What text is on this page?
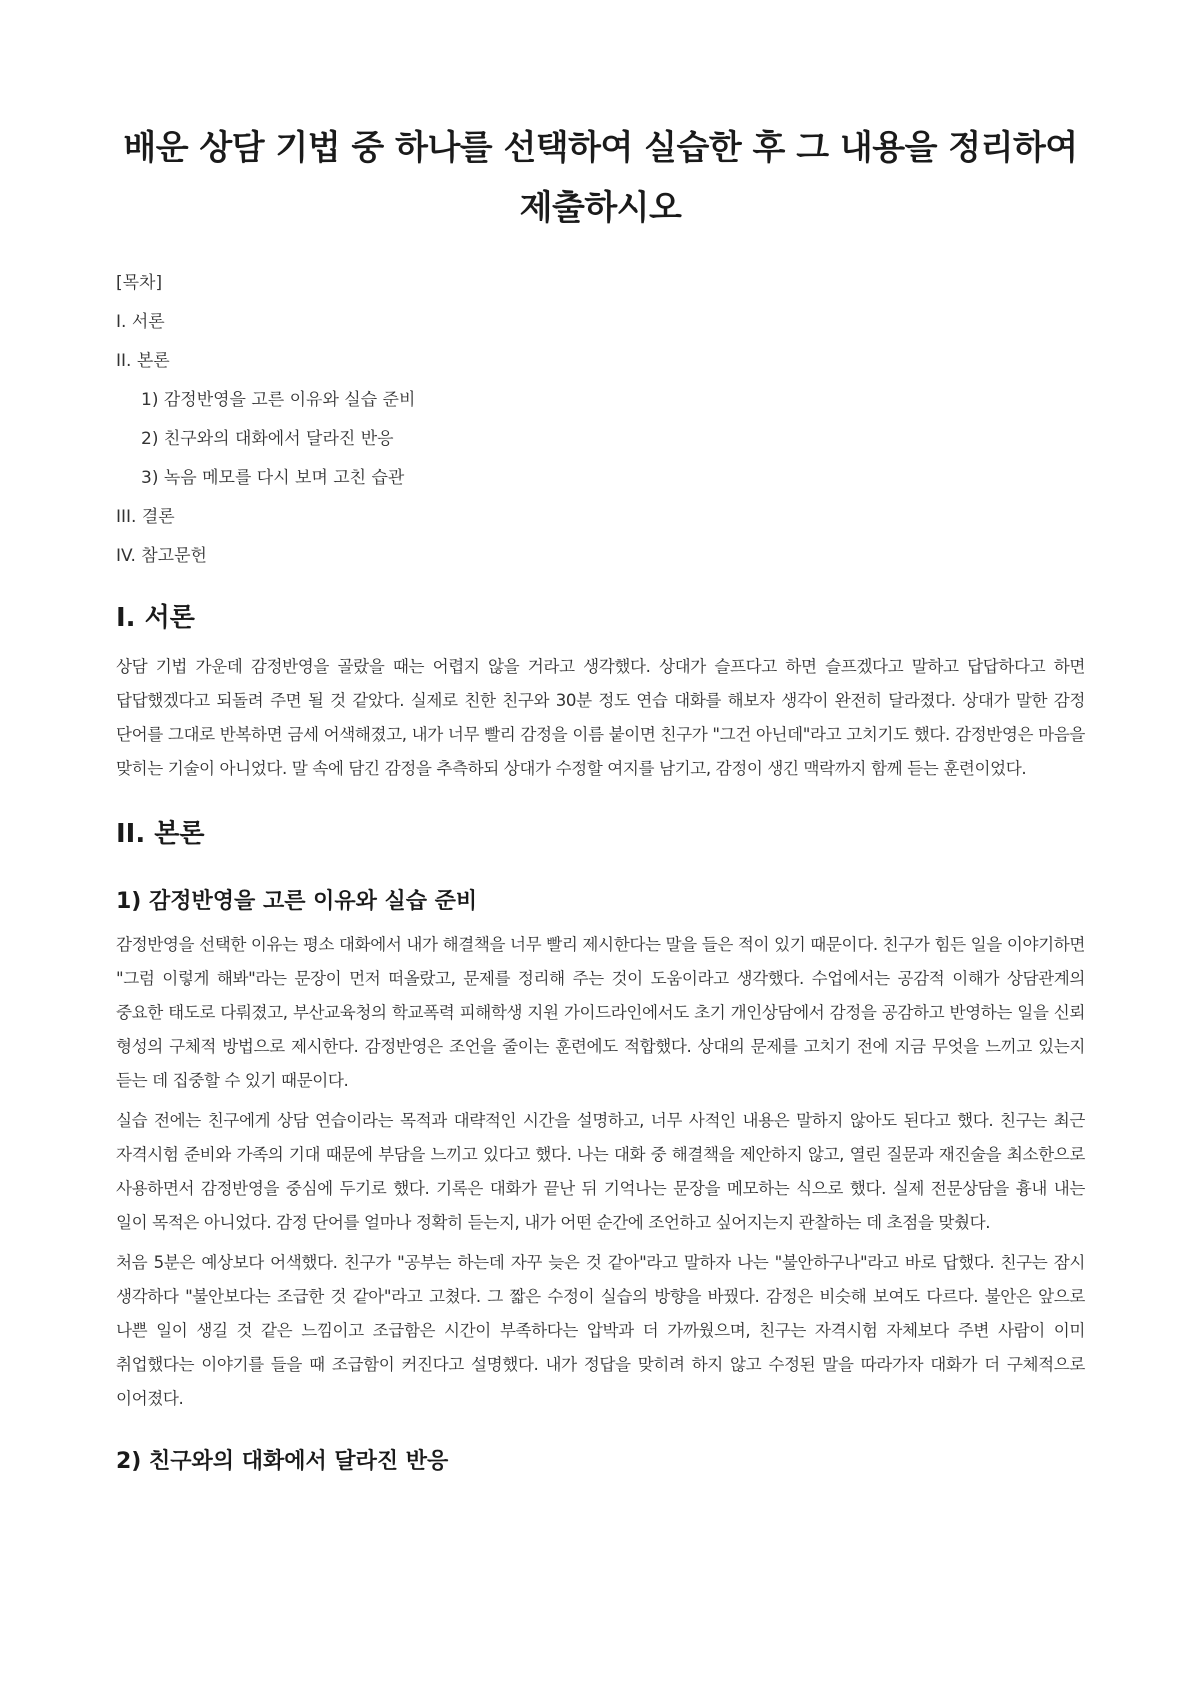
배운 상담 기법 중 하나를 선택하여 실습한 후 그 내용을 정리하여 제출하시오
[목차]
I. 서론
II. 본론
1) 감정반영을 고른 이유와 실습 준비
2) 친구와의 대화에서 달라진 반응
3) 녹음 메모를 다시 보며 고친 습관
III. 결론
IV. 참고문헌
I. 서론

상담 기법 가운데 감정반영을 골랐을 때는 어렵지 않을 거라고 생각했다. 상대가 슬프다고 하면 슬프겠다고 말하고 답답하다고 하면 답답했겠다고 되돌려 주면 될 것 같았다. 실제로 친한 친구와 30분 정도 연습 대화를 해보자 생각이 완전히 달라졌다. 상대가 말한 감정 단어를 그대로 반복하면 금세 어색해졌고, 내가 너무 빨리 감정을 이름 붙이면 친구가 "그건 아닌데"라고 고치기도 했다. 감정반영은 마음을 맞히는 기술이 아니었다. 말 속에 담긴 감정을 추측하되 상대가 수정할 여지를 남기고, 감정이 생긴 맥락까지 함께 듣는 훈련이었다.

II. 본론
1) 감정반영을 고른 이유와 실습 준비

감정반영을 선택한 이유는 평소 대화에서 내가 해결책을 너무 빨리 제시한다는 말을 들은 적이 있기 때문이다. 친구가 힘든 일을 이야기하면 "그럼 이렇게 해봐"라는 문장이 먼저 떠올랐고, 문제를 정리해 주는 것이 도움이라고 생각했다. 수업에서는 공감적 이해가 상담관계의 중요한 태도로 다뤄졌고, 부산교육청의 학교폭력 피해학생 지원 가이드라인에서도 초기 개인상담에서 감정을 공감하고 반영하는 일을 신뢰 형성의 구체적 방법으로 제시한다. 감정반영은 조언을 줄이는 훈련에도 적합했다. 상대의 문제를 고치기 전에 지금 무엇을 느끼고 있는지 듣는 데 집중할 수 있기 때문이다.

실습 전에는 친구에게 상담 연습이라는 목적과 대략적인 시간을 설명하고, 너무 사적인 내용은 말하지 않아도 된다고 했다. 친구는 최근 자격시험 준비와 가족의 기대 때문에 부담을 느끼고 있다고 했다. 나는 대화 중 해결책을 제안하지 않고, 열린 질문과 재진술을 최소한으로 사용하면서 감정반영을 중심에 두기로 했다. 기록은 대화가 끝난 뒤 기억나는 문장을 메모하는 식으로 했다. 실제 전문상담을 흉내 내는 일이 목적은 아니었다. 감정 단어를 얼마나 정확히 듣는지, 내가 어떤 순간에 조언하고 싶어지는지 관찰하는 데 초점을 맞췄다.

처음 5분은 예상보다 어색했다. 친구가 "공부는 하는데 자꾸 늦은 것 같아"라고 말하자 나는 "불안하구나"라고 바로 답했다. 친구는 잠시 생각하다 "불안보다는 조급한 것 같아"라고 고쳤다. 그 짧은 수정이 실습의 방향을 바꿨다. 감정은 비슷해 보여도 다르다. 불안은 앞으로 나쁜 일이 생길 것 같은 느낌이고 조급함은 시간이 부족하다는 압박과 더 가까웠으며, 친구는 자격시험 자체보다 주변 사람이 이미 취업했다는 이야기를 들을 때 조급함이 커진다고 설명했다. 내가 정답을 맞히려 하지 않고 수정된 말을 따라가자 대화가 더 구체적으로 이어졌다.

2) 친구와의 대화에서 달라진 반응
